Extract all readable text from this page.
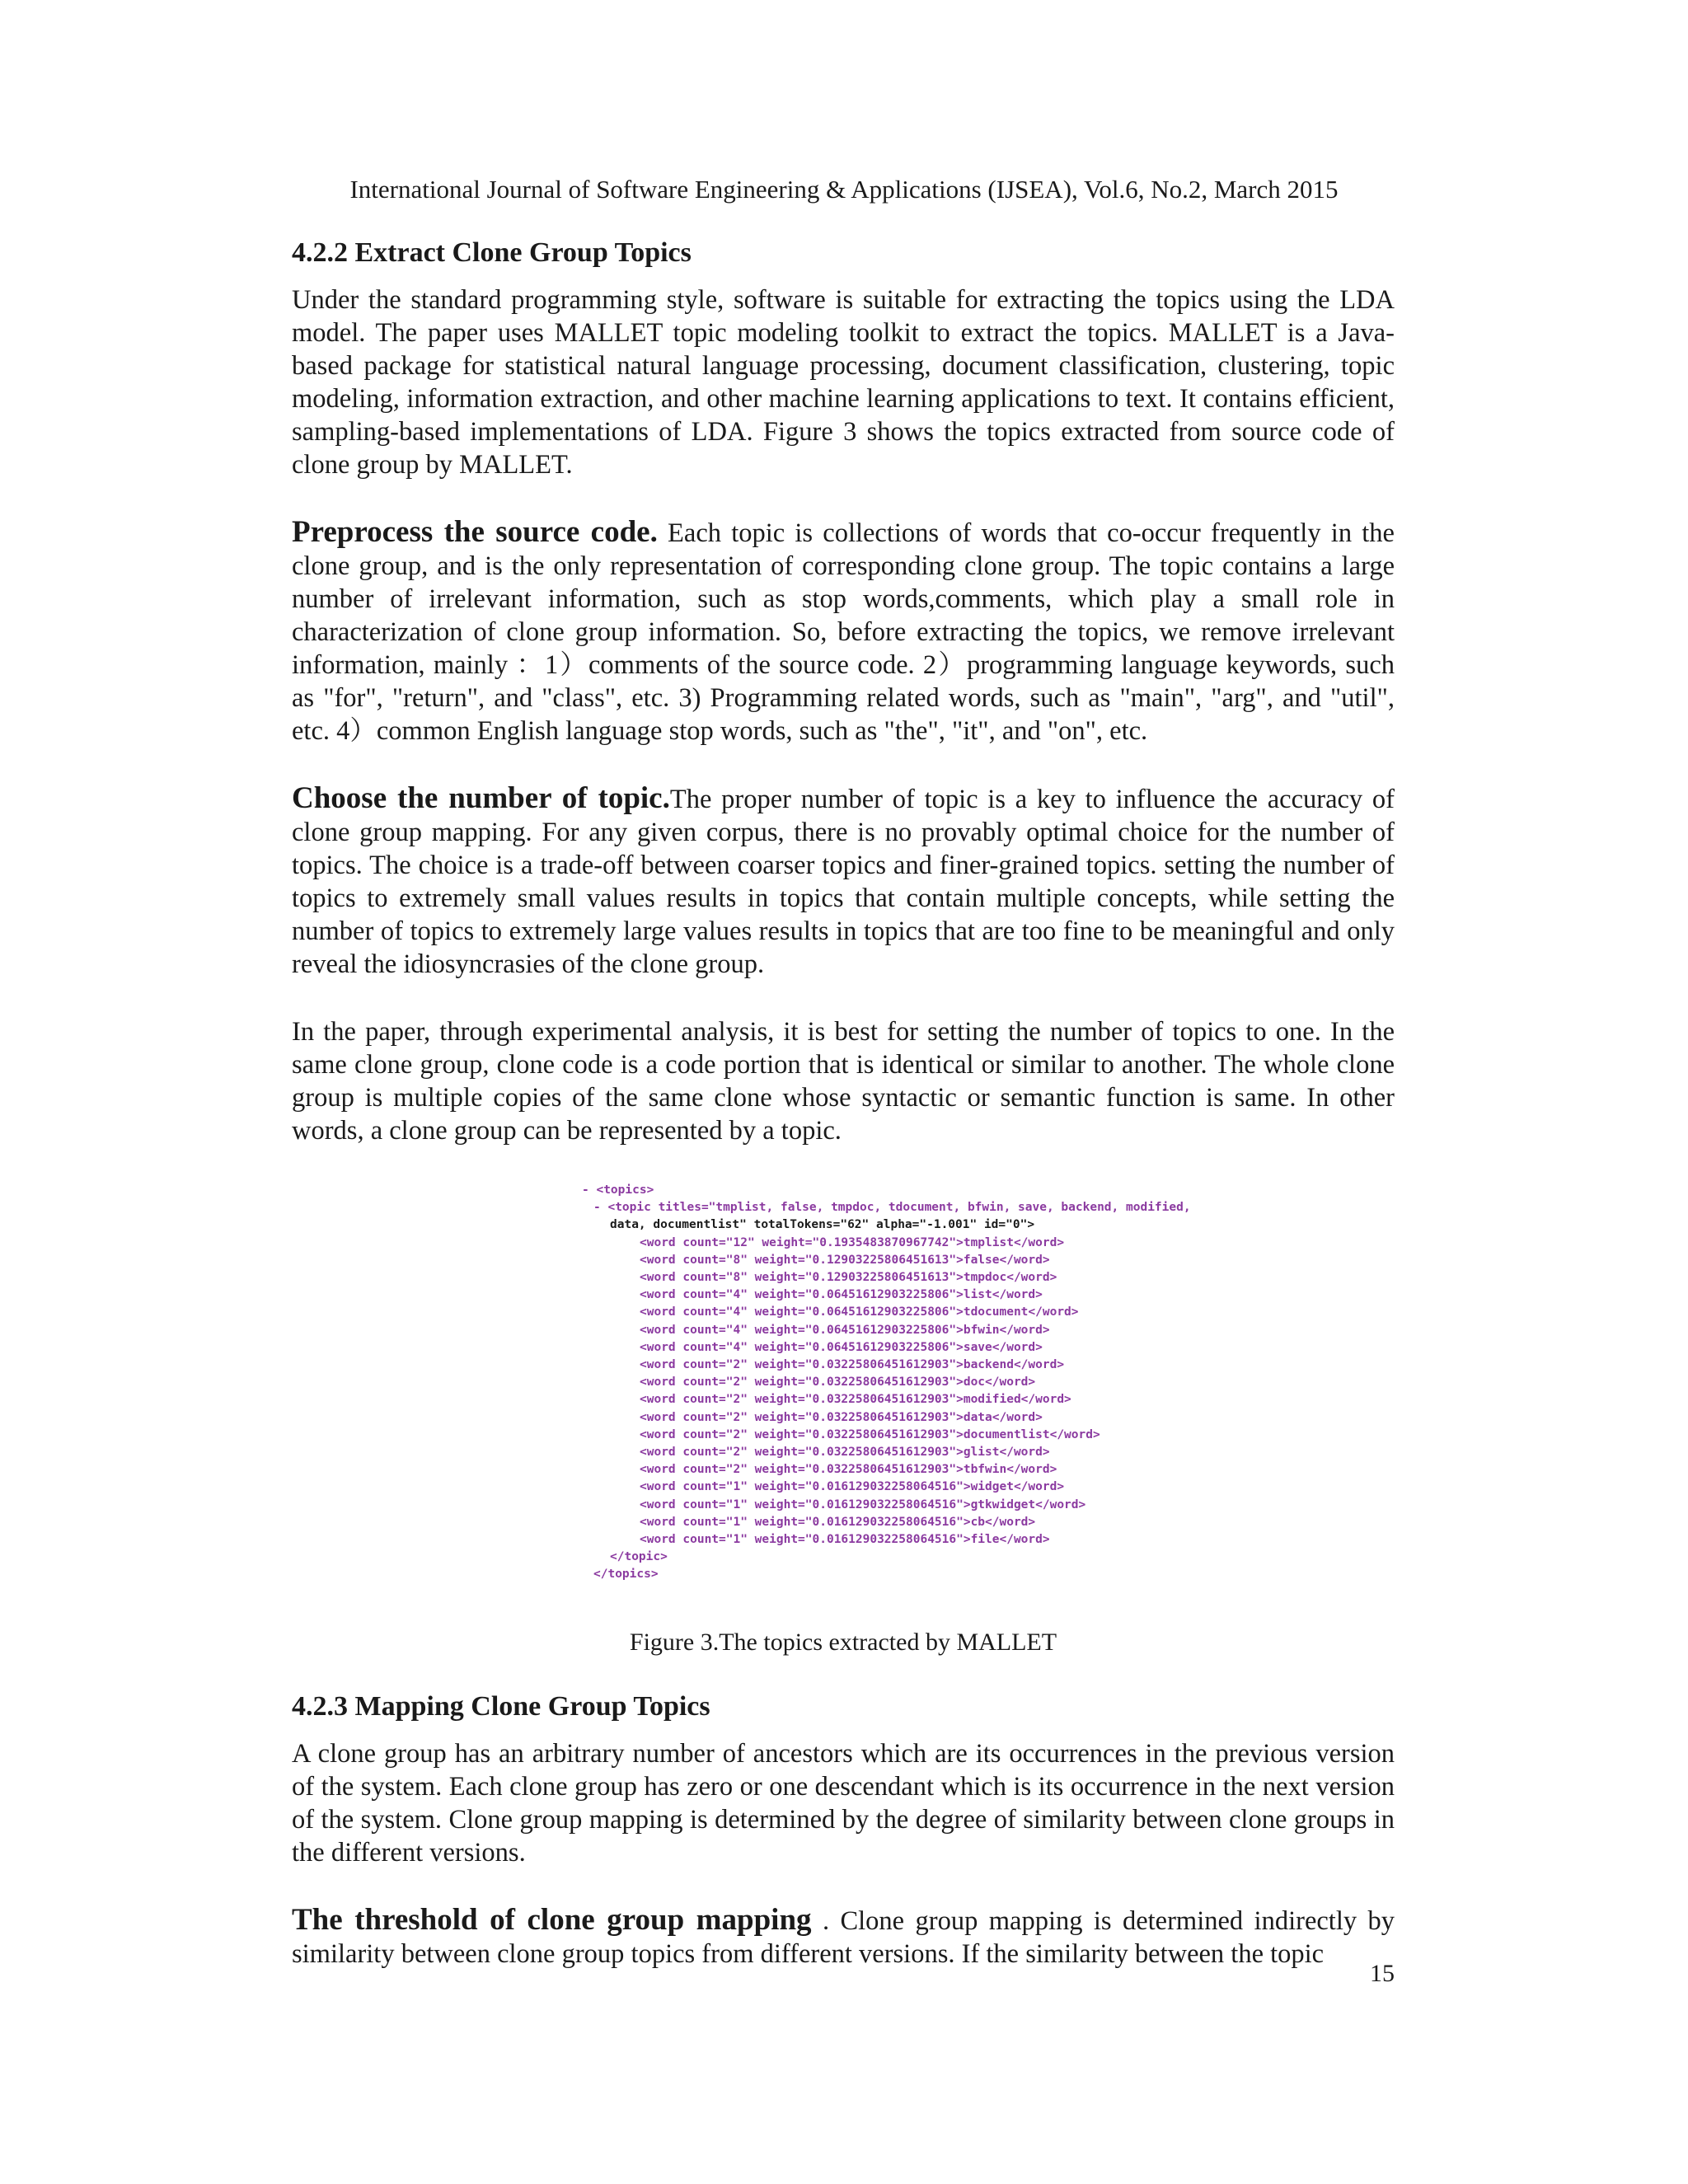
International Journal of Software Engineering & Applications (IJSEA), Vol.6, No.2, March 2015
4.2.2 Extract Clone Group Topics

Under the standard programming style, software is suitable for extracting the topics using the LDA model. The paper uses MALLET topic modeling toolkit to extract the topics. MALLET is a Java-based package for statistical natural language processing, document classification, clustering, topic modeling, information extraction, and other machine learning applications to text. It contains efficient, sampling-based implementations of LDA. Figure 3 shows the topics extracted from source code of clone group by MALLET.

Preprocess the source code. Each topic is collections of words that co-occur frequently in the clone group, and is the only representation of corresponding clone group. The topic contains a large number of irrelevant information, such as stop words,comments, which play a small role in characterization of clone group information. So, before extracting the topics, we remove irrelevant information, mainly ：1）comments of the source code. 2）programming language keywords, such as "for", "return", and "class", etc. 3) Programming related words, such as "main", "arg", and "util", etc. 4）common English language stop words, such as "the", "it", and "on", etc.

Choose the number of topic.The proper number of topic is a key to influence the accuracy of clone group mapping. For any given corpus, there is no provably optimal choice for the number of topics. The choice is a trade-off between coarser topics and finer-grained topics. setting the number of topics to extremely small values results in topics that contain multiple concepts, while setting the number of topics to extremely large values results in topics that are too fine to be meaningful and only reveal the idiosyncrasies of the clone group.

In the paper, through experimental analysis, it is best for setting the number of topics to one. In the same clone group, clone code is a code portion that is identical or similar to another. The whole clone group is multiple copies of the same clone whose syntactic or semantic function is same. In other words, a clone group can be represented by a topic.

- <topics>
- <topic titles="tmplist, false, tmpdoc, tdocument, bfwin, save, backend, modified,
data, documentlist" totalTokens="62" alpha="-1.001" id="0">
<word count="12" weight="0.1935483870967742">tmplist</word>
<word count="8" weight="0.12903225806451613">false</word>
<word count="8" weight="0.12903225806451613">tmpdoc</word>
<word count="4" weight="0.06451612903225806">list</word>
<word count="4" weight="0.06451612903225806">tdocument</word>
<word count="4" weight="0.06451612903225806">bfwin</word>
<word count="4" weight="0.06451612903225806">save</word>
<word count="2" weight="0.03225806451612903">backend</word>
<word count="2" weight="0.03225806451612903">doc</word>
<word count="2" weight="0.03225806451612903">modified</word>
<word count="2" weight="0.03225806451612903">data</word>
<word count="2" weight="0.03225806451612903">documentlist</word>
<word count="2" weight="0.03225806451612903">glist</word>
<word count="2" weight="0.03225806451612903">tbfwin</word>
<word count="1" weight="0.016129032258064516">widget</word>
<word count="1" weight="0.016129032258064516">gtkwidget</word>
<word count="1" weight="0.016129032258064516">cb</word>
<word count="1" weight="0.016129032258064516">file</word>
</topic>
</topics>
Figure 3.The topics extracted by MALLET
4.2.3 Mapping Clone Group Topics

A clone group has an arbitrary number of ancestors which are its occurrences in the previous version of the system. Each clone group has zero or one descendant which is its occurrence in the next version of the system. Clone group mapping is determined by the degree of similarity between clone groups in the different versions.

The threshold of clone group mapping . Clone group mapping is determined indirectly by similarity between clone group topics from different versions. If the similarity between the topic

15
